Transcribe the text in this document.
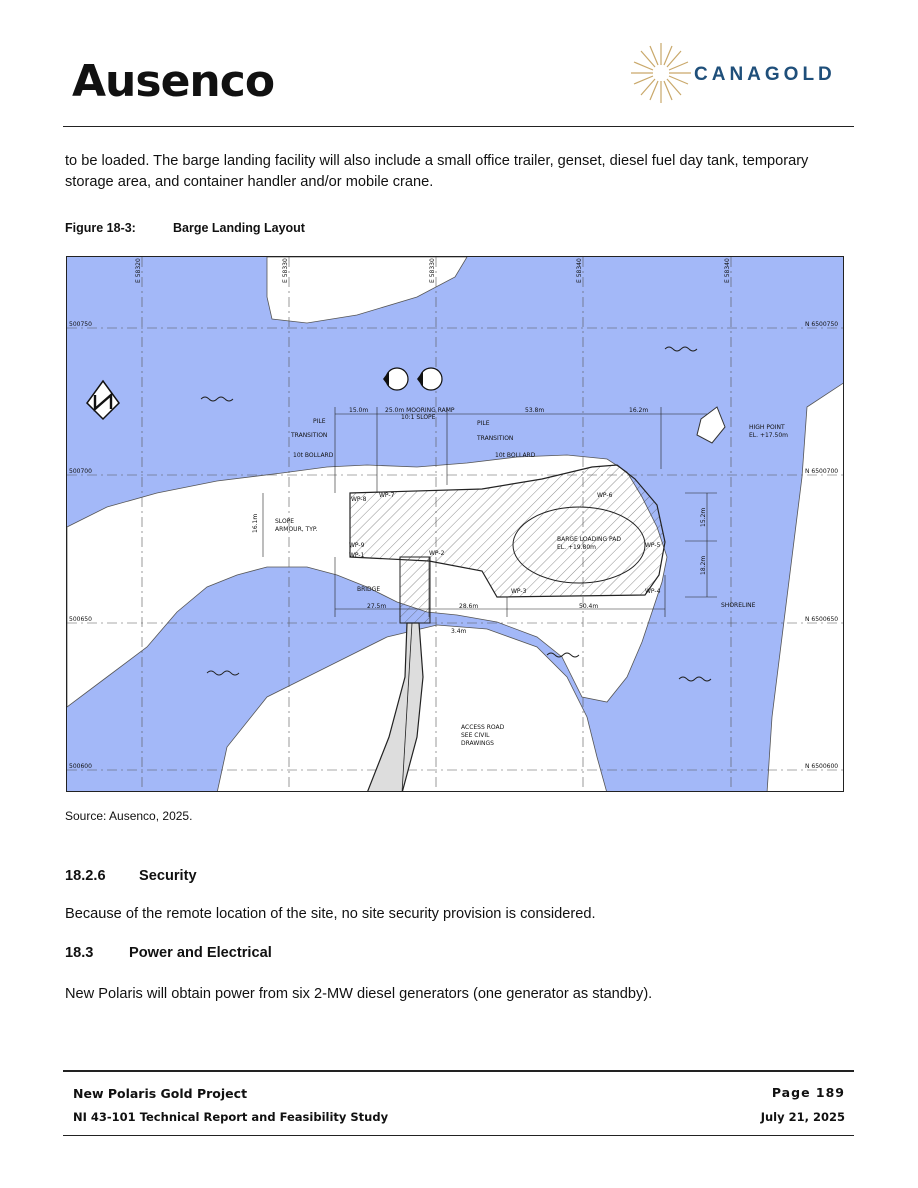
Ausenco	CANAGOLD
to be loaded. The barge landing facility will also include a small office trailer, genset, diesel fuel day tank, temporary storage area, and container handler and/or mobile crane.
Figure 18-3:	Barge Landing Layout
PILE	PILE
TRANSITION	TRANSITION
10t BOLLARD	10t BOLLARD
25.0m MOORING RAMP
10:1 SLOPE
15.0m	53.8m	16.2m
SLOPE
ARMOUR, TYP.
BARGE LOADING PAD
EL. +19.80m
BRIDGE
SHORELINE
HIGH POINT
EL. +17.50m
ACCESS ROAD
SEE CIVIL
DRAWINGS
27.5m	28.6m	50.4m
3.4m
16.1m	15.2m
18.2m
WP-8
WP-7
WP-9
WP-1	WP-2
WP-3	WP-4
WP-5
WP-6
500750
500700
500650
500600
N 6500750
N 6500700
N 6500650
N 6500600
E 58320	E 58330	E 58330	E 58340	E 58340
Source: Ausenco, 2025.
18.2.6 Security
Because of the remote location of the site, no site security provision is considered.
18.3 Power and Electrical
New Polaris will obtain power from six 2-MW diesel generators (one generator as standby).
New Polaris Gold Project
NI 43-101 Technical Report and Feasibility Study
Page 189
July 21, 2025
